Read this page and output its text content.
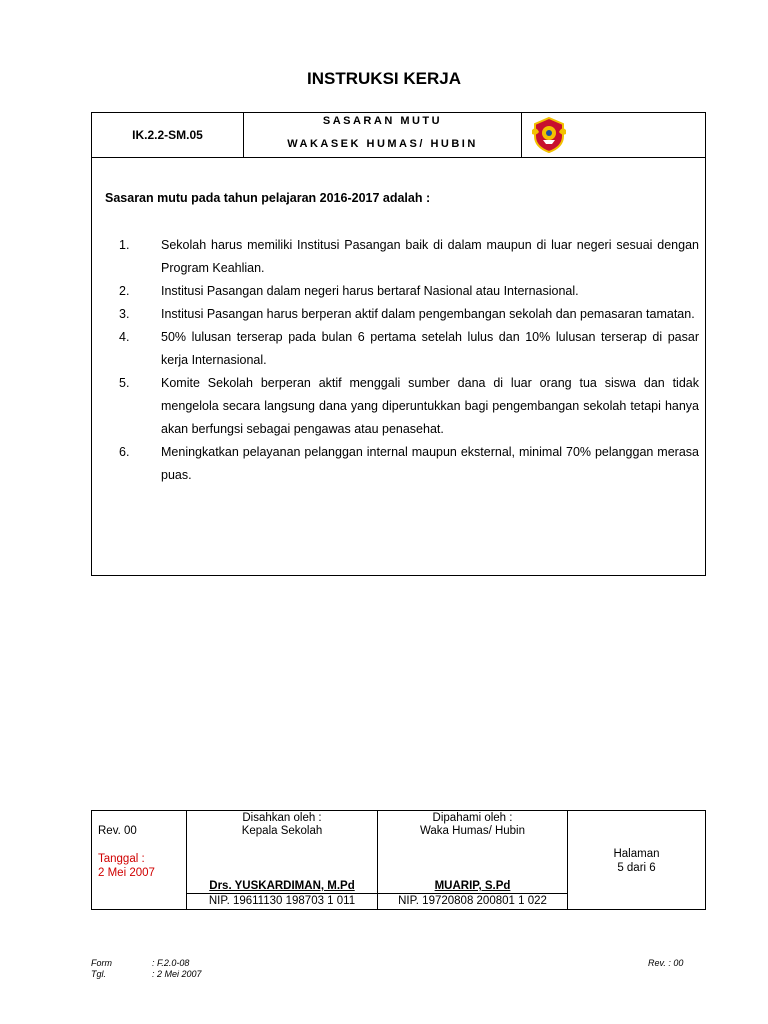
INSTRUKSI KERJA
IK.2.2-SM.05
SASARAN MUTU
WAKASEK HUMAS/ HUBIN
Sasaran mutu pada tahun pelajaran 2016-2017 adalah :
1.	Sekolah harus memiliki Institusi Pasangan baik di dalam maupun di luar negeri sesuai dengan Program Keahlian.
2.	Institusi Pasangan dalam negeri harus bertaraf Nasional atau Internasional.
3.	Institusi Pasangan harus berperan aktif dalam pengembangan sekolah dan pemasaran tamatan.
4.	50% lulusan terserap pada bulan 6 pertama setelah lulus dan 10% lulusan terserap di pasar kerja Internasional.
5.	Komite Sekolah berperan aktif menggali sumber dana di luar orang tua siswa dan tidak mengelola secara langsung dana yang diperuntukkan bagi pengembangan sekolah tetapi hanya akan berfungsi sebagai pengawas atau penasehat.
6.	Meningkatkan pelayanan pelanggan internal maupun eksternal, minimal 70% pelanggan merasa puas.
Rev. 00
Tanggal :
2 Mei 2007
Disahkan oleh :
Kepala Sekolah
Drs. YUSKARDIMAN, M.Pd
NIP. 19611130 198703 1 011
Dipahami oleh :
Waka Humas/ Hubin
MUARIP, S.Pd
NIP. 19720808 200801 1 022
Halaman
5 dari 6
Form	: F.2.0-08
Tgl.	: 2 Mei 2007
Rev. : 00
